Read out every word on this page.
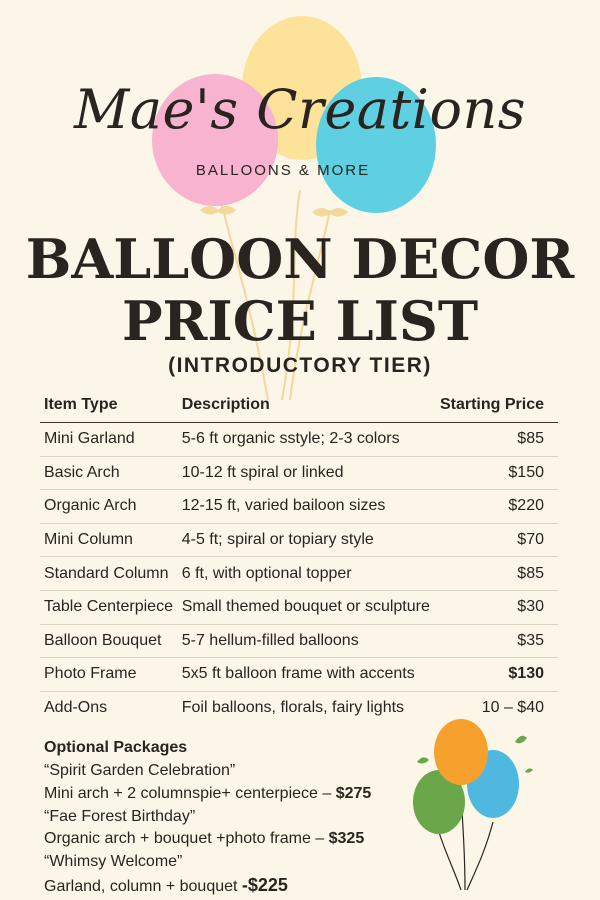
Mae's Creations
BALLOONS & MORE
BALLOON DECOR
PRICE LIST
(INTRODUCTORY TIER)
Item Type	Description	Starting Price
Mini Garland	5-6 ft organic sstyle; 2-3 colors	$85
Basic Arch	10-12 ft spiral or linked	$150
Organic Arch	12-15 ft, varied bailoon sizes	$220
Mini Column	4-5 ft; spiral or topiary style	$70
Standard Column	6 ft, with optional topper	$85
Table Centerpiece	Small themed bouquet or sculpture	$30
Balloon Bouquet	5-7 hellum-filled balloons	$35
Photo Frame	5x5 ft balloon frame with accents	$130
Add-Ons	Foil balloons, florals, fairy lights	10 – $40
Optional Packages
“Spirit Garden Celebration”
Mini arch + 2 columnspie+ centerpiece – $275
“Fae Forest Birthday”
Organic arch + bouquet +photo frame – $325
“Whimsy Welcome”
Garland, column + bouquet -$225
